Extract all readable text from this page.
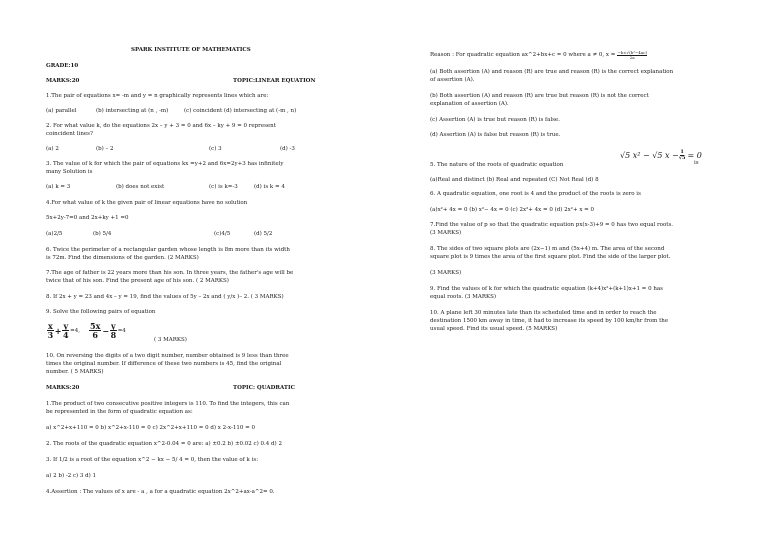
SPARK INSTITUTE OF MATHEMATICS
GRADE:10
MARKS:20	TOPIC:LINEAR EQUATION
1.The pair of equations x= -m and y = n graphically represents lines which are:
(a) parallel	(b) intersecting at (n , -m)	(c) coincident (d) intersecting at (-m , n)
2. For what value k, do the equations 2x – y + 3 = 0 and 6x – ky + 9 = 0 represent
coincident lines?
(a) 2	(b) – 2	(c) 3	(d) -3
3. The value of k for which the pair of equations kx =y+2 and 6x=2y+3 has infinitely
many Solution is
(a) k = 3	(b) does not exist	(c) is k=-3	(d) is k = 4
4.For what value of k the given pair of linear equations have no solution
5x+2y-7=0 and 2x+ky +1 =0
(a)2/5	(b) 5/4	(c)4/5	(d) 5/2
6. Twice the perimeter of a rectangular garden whose length is 8m more than its width
is 72m. Find the dimensions of the garden. (2 MARKS)
7.The age of father is 22 years more than his son. In three years, the father's age will be
twice that of his son. Find the present age of his son. ( 2 MARKS)
8. If 2x + y = 23 and 4x – y = 19, find the values of 5y – 2x and ( y/x )– 2. ( 3 MARKS)
9. Solve the following pairs of equation
$\frac{x}{3} + \frac{y}{4} =4$, $\frac{5x}{6} - \frac{y}{8} =4$
( 3 MARKS)
10. On reversing the digits of a two digit number, number obtained is 9 less than three
times the original number. If difference of these two numbers is 45, find the original
number. ( 5 MARKS)
MARKS:20	TOPIC: QUADRATIC
1.The product of two consecutive positive integers is 110. To find the integers, this can
be represented in the form of quadratic equation as:
a) x^2+x+110 = 0 b) x^2+x-110 = 0 c) 2x^2+x+110 = 0 d) x 2-x-110 = 0
2. The roots of the quadratic equation x^2-0.04 = 0 are: a) ±0.2 b) ±0.02 c) 0.4 d) 2
3. If 1/2 is a root of the equation x^2 − kx − 5/ 4 = 0, then the value of k is:
a) 2 b) -2 c) 3 d) 1
4.Assertion : The values of x are - a , a for a quadratic equation 2x^2+ax-a^2= 0.
Reason : For quadratic equation ax^2+bx+c = 0 where a ≠ 0, $x = \frac{\text{−b±√(b²−4ac)}}{2a}$
(a) Both assertion (A) and reason (R) are true and reason (R) is the correct explanation
of assertion (A).
(b) Both assertion (A) and reason (R) are true but reason (R) is not the correct
explanation of assertion (A).
(c) Assertion (A) is true but reason (R) is false.
(d) Assertion (A) is false but reason (R) is true.
√5 x² − √5 $x - \frac{1}{√5} = 0$
is
5. The nature of the roots of quadratic equation
(a)Real and distinct (b) Real and repeated (C) Not Real (d) 8
6. A quadratic equation, one root is 4 and the product of the roots is zero is
(a)x²+ 4x = 0 (b) x²− 4x = 0 (c) 2x²+ 4x = 0 (d) 2x²+ x = 0
7.Find the value of p so that the quadratic equation px(x-3)+9 = 0 has two equal roots.
(3 MARKS)
8. The sides of two square plots are (2x−1) m and (5x+4) m. The area of the second
square plot is 9 times the area of the first square plot. Find the side of the larger plot.
(3 MARKS)
9. Find the values of k for which the quadratic equation (k+4)x²+(k+1)x+1 = 0 has
equal roots. (3 MARKS)
10. A plane left 30 minutes late than its scheduled time and in order to reach the
destination 1500 km away in time, it had to increase its speed by 100 km/hr from the
usual speed. Find its usual speed. (5 MARKS)
